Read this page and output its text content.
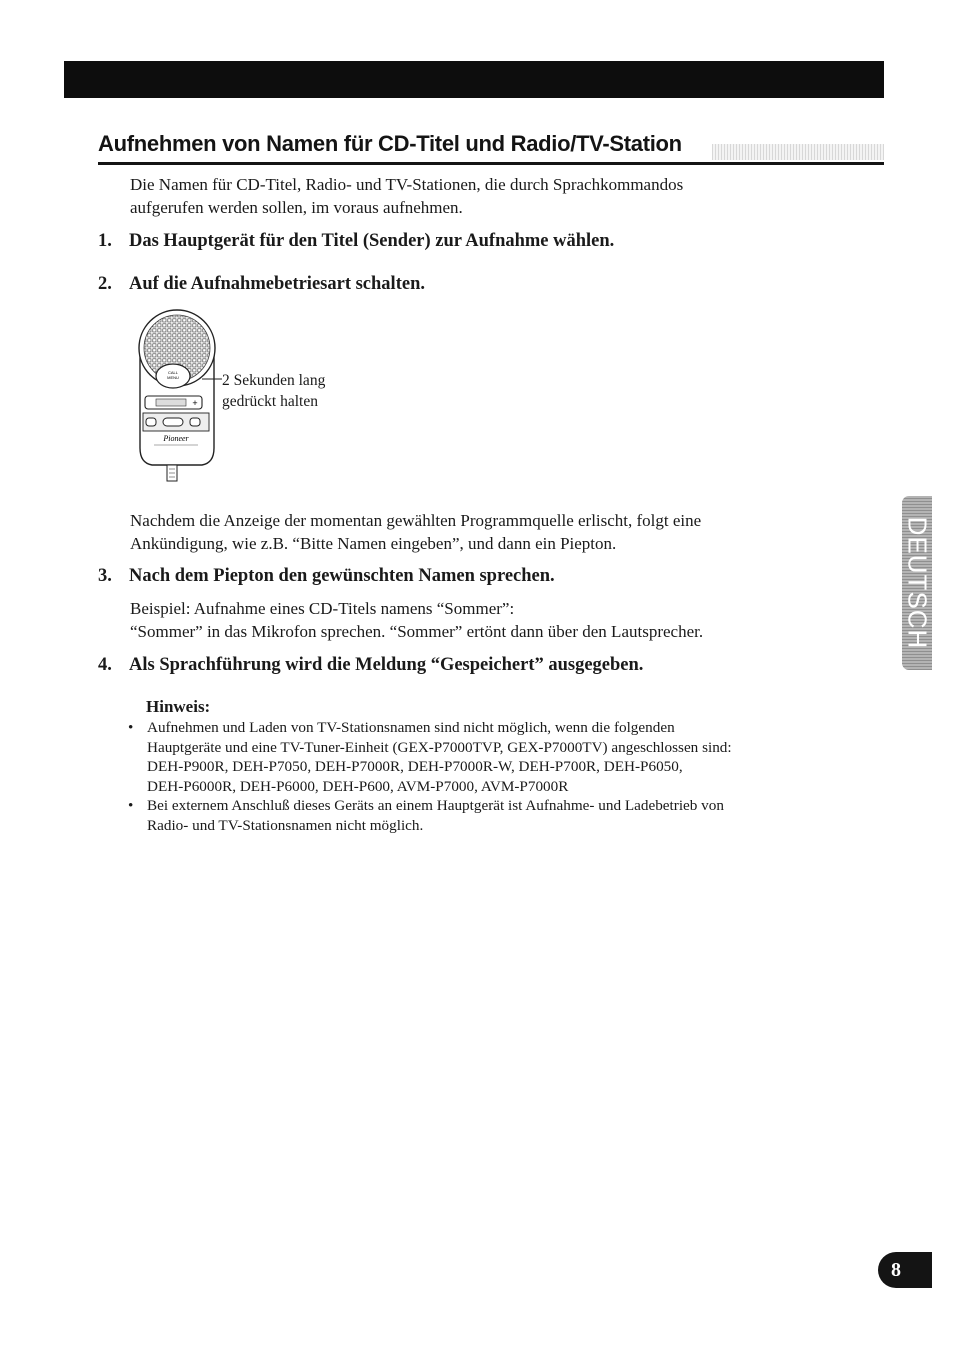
Aufnehmen von Namen für CD-Titel und Radio/TV-Station

Die Namen für CD-Titel, Radio- und TV-Stationen, die durch Sprachkommandos
aufgerufen werden sollen, im voraus aufnehmen.

1. Das Hauptgerät für den Titel (Sender) zur Aufnahme wählen.

2. Auf die Aufnahmebetriesart schalten.

CALL
MENU
+
Pioneer
2 Sekunden lang
gedrückt halten

Nachdem die Anzeige der momentan gewählten Programmquelle erlischt, folgt eine
Ankündigung, wie z.B. “Bitte Namen eingeben”, und dann ein Piepton.

3. Nach dem Piepton den gewünschten Namen sprechen.

Beispiel: Aufnahme eines CD-Titels namens “Sommer”:
“Sommer” in das Mikrofon sprechen. “Sommer” ertönt dann über den Lautsprecher.

4. Als Sprachführung wird die Meldung “Gespeichert” ausgegeben.

Hinweis:

• Aufnehmen und Laden von TV-Stationsnamen sind nicht möglich, wenn die folgenden
Hauptgeräte und eine TV-Tuner-Einheit (GEX-P7000TVP, GEX-P7000TV) angeschlossen sind:
DEH-P900R, DEH-P7050, DEH-P7000R, DEH-P7000R-W, DEH-P700R, DEH-P6050,
DEH-P6000R, DEH-P6000, DEH-P600, AVM-P7000, AVM-P7000R
• Bei externem Anschluß dieses Geräts an einem Hauptgerät ist Aufnahme- und Ladebetrieb von
Radio- und TV-Stationsnamen nicht möglich.
DEUTSCH
8
